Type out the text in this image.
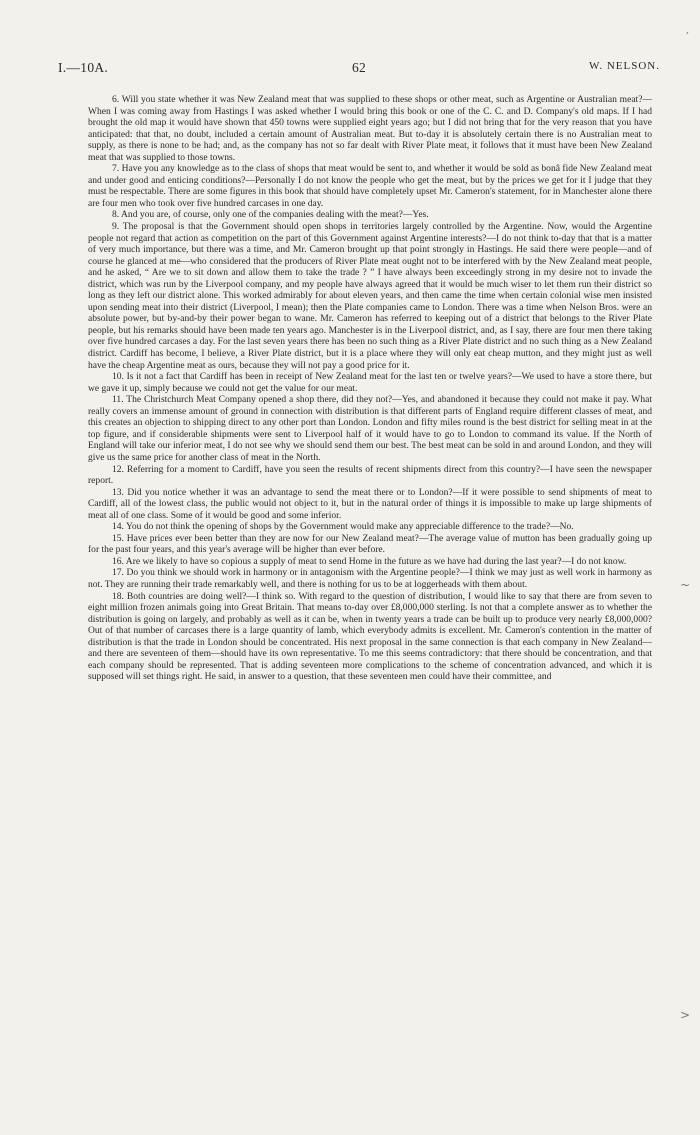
I.—10A.	62	W. NELSON.
′
~
>

6. Will you state whether it was New Zealand meat that was supplied to these shops or other meat, such as Argentine or Australian meat?—When I was coming away from Hastings I was asked whether I would bring this book or one of the C. C. and D. Company's old maps. If I had brought the old map it would have shown that 450 towns were supplied eight years ago; but I did not bring that for the very reason that you have anticipated: that that, no doubt, included a certain amount of Australian meat. But to-day it is absolutely certain there is no Australian meat to supply, as there is none to be had; and, as the company has not so far dealt with River Plate meat, it follows that it must have been New Zealand meat that was supplied to those towns.

7. Have you any knowledge as to the class of shops that meat would be sent to, and whether it would be sold as bonâ fide New Zealand meat and under good and enticing conditions?—Personally I do not know the people who get the meat, but by the prices we get for it I judge that they must be respectable. There are some figures in this book that should have completely upset Mr. Cameron's statement, for in Manchester alone there are four men who took over five hundred carcases in one day.

8. And you are, of course, only one of the companies dealing with the meat?—Yes.

9. The proposal is that the Government should open shops in territories largely controlled by the Argentine. Now, would the Argentine people not regard that action as competition on the part of this Government against Argentine interests?—I do not think to-day that that is a matter of very much importance, but there was a time, and Mr. Cameron brought up that point strongly in Hastings. He said there were people—and of course he glanced at me—who considered that the producers of River Plate meat ought not to be interfered with by the New Zealand meat people, and he asked, “ Are we to sit down and allow them to take the trade ? ” I have always been exceedingly strong in my desire not to invade the district, which was run by the Liverpool company, and my people have always agreed that it would be much wiser to let them run their district so long as they left our district alone. This worked admirably for about eleven years, and then came the time when certain colonial wise men insisted upon sending meat into their district (Liverpool, I mean); then the Plate companies came to London. There was a time when Nelson Bros. were an absolute power, but by-and-by their power began to wane. Mr. Cameron has referred to keeping out of a district that belongs to the River Plate people, but his remarks should have been made ten years ago. Manchester is in the Liverpool district, and, as I say, there are four men there taking over five hundred carcases a day. For the last seven years there has been no such thing as a River Plate district and no such thing as a New Zealand district. Cardiff has become, I believe, a River Plate district, but it is a place where they will only eat cheap mutton, and they might just as well have the cheap Argentine meat as ours, because they will not pay a good price for it.

10. Is it not a fact that Cardiff has been in receipt of New Zealand meat for the last ten or twelve years?—We used to have a store there, but we gave it up, simply because we could not get the value for our meat.

11. The Christchurch Meat Company opened a shop there, did they not?—Yes, and abandoned it because they could not make it pay. What really covers an immense amount of ground in connection with distribution is that different parts of England require different classes of meat, and this creates an objection to shipping direct to any other port than London. London and fifty miles round is the best district for selling meat in at the top figure, and if considerable shipments were sent to Liverpool half of it would have to go to London to command its value. If the North of England will take our inferior meat, I do not see why we should send them our best. The best meat can be sold in and around London, and they will give us the same price for another class of meat in the North.

12. Referring for a moment to Cardiff, have you seen the results of recent shipments direct from this country?—I have seen the newspaper report.

13. Did you notice whether it was an advantage to send the meat there or to London?—If it were possible to send shipments of meat to Cardiff, all of the lowest class, the public would not object to it, but in the natural order of things it is impossible to make up large shipments of meat all of one class. Some of it would be good and some inferior.

14. You do not think the opening of shops by the Government would make any appreciable difference to the trade?—No.

15. Have prices ever been better than they are now for our New Zealand meat?—The average value of mutton has been gradually going up for the past four years, and this year's average will be higher than ever before.

16. Are we likely to have so copious a supply of meat to send Home in the future as we have had during the last year?—I do not know.

17. Do you think we should work in harmony or in antagonism with the Argentine people?—I think we may just as well work in harmony as not. They are running their trade remarkably well, and there is nothing for us to be at loggerheads with them about.

18. Both countries are doing well?—I think so. With regard to the question of distribution, I would like to say that there are from seven to eight million frozen animals going into Great Britain. That means to-day over £8,000,000 sterling. Is not that a complete answer as to whether the distribution is going on largely, and probably as well as it can be, when in twenty years a trade can be built up to produce very nearly £8,000,000? Out of that number of carcases there is a large quantity of lamb, which everybody admits is excellent. Mr. Cameron's contention in the matter of distribution is that the trade in London should be concentrated. His next proposal in the same connection is that each company in New Zealand—and there are seventeen of them—should have its own representative. To me this seems contradictory: that there should be concentration, and that each company should be represented. That is adding seventeen more complications to the scheme of concentration advanced, and which it is supposed will set things right. He said, in answer to a question, that these seventeen men could have their committee, and
